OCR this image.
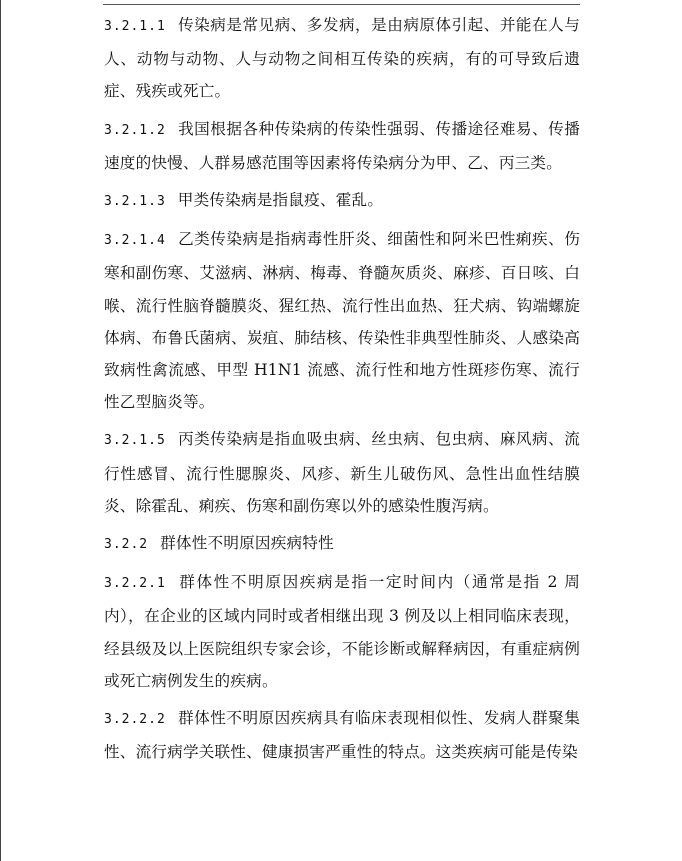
3.2.1.1 传染病是常见病、多发病，是由病原体引起、并能在人与人、动物与动物、人与动物之间相互传染的疾病，有的可导致后遗症、残疾或死亡。

3.2.1.2 我国根据各种传染病的传染性强弱、传播途径难易、传播速度的快慢、人群易感范围等因素将传染病分为甲、乙、丙三类。

3.2.1.3 甲类传染病是指鼠疫、霍乱。

3.2.1.4 乙类传染病是指病毒性肝炎、细菌性和阿米巴性痢疾、伤寒和副伤寒、艾滋病、淋病、梅毒、脊髓灰质炎、麻疹、百日咳、白喉、流行性脑脊髓膜炎、猩红热、流行性出血热、狂犬病、钩端螺旋体病、布鲁氏菌病、炭疽、肺结核、传染性非典型性肺炎、人感染高致病性禽流感、甲型 H1N1 流感、流行性和地方性斑疹伤寒、流行性乙型脑炎等。

3.2.1.5 丙类传染病是指血吸虫病、丝虫病、包虫病、麻风病、流行性感冒、流行性腮腺炎、风疹、新生儿破伤风、急性出血性结膜炎、除霍乱、痢疾、伤寒和副伤寒以外的感染性腹泻病。

3.2.2 群体性不明原因疾病特性

3.2.2.1 群体性不明原因疾病是指一定时间内（通常是指 2 周内），在企业的区域内同时或者相继出现 3 例及以上相同临床表现，经县级及以上医院组织专家会诊，不能诊断或解释病因，有重症病例或死亡病例发生的疾病。

3.2.2.2 群体性不明原因疾病具有临床表现相似性、发病人群聚集性、流行病学关联性、健康损害严重性的特点。这类疾病可能是传染
